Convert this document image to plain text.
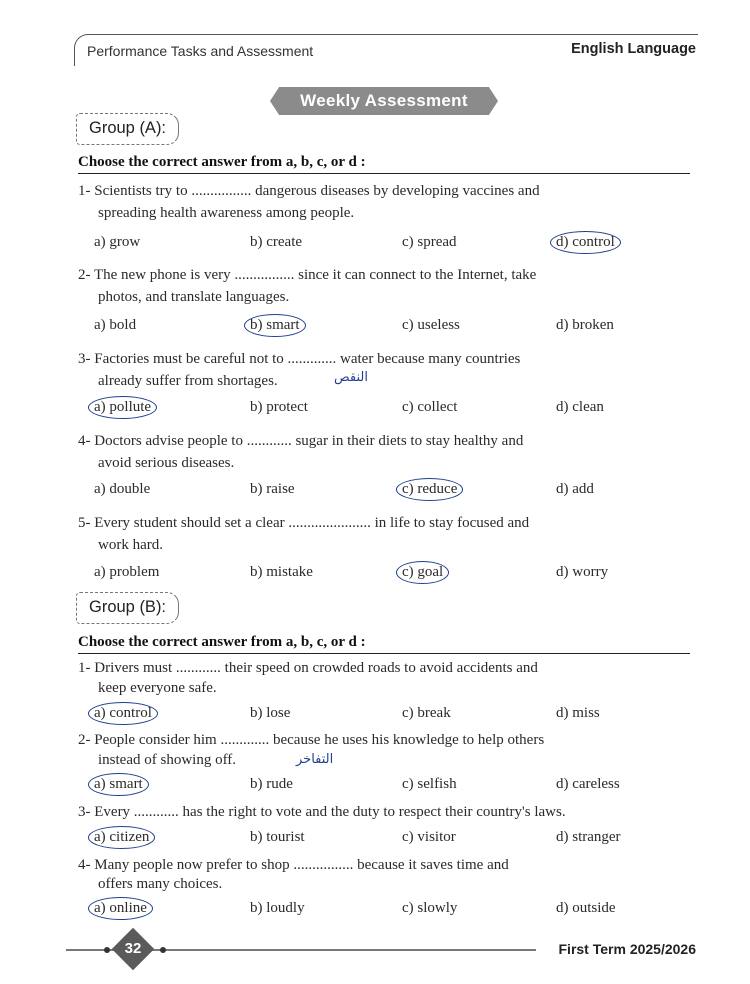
Performance Tasks and Assessment	English Language
Weekly Assessment
Group (A):
Choose the correct answer from a, b, c, or d :
1- Scientists try to ................ dangerous diseases by developing vaccines and
spreading health awareness among people.
a) grow	b) create	c) spread	d) control
2- The new phone is very ................ since it can connect to the Internet, take
photos, and translate languages.
a) bold	b) smart	c) useless	d) broken
3- Factories must be careful not to ............. water because many countries
already suffer from shortages.	النقص
a) pollute	b) protect	c) collect	d) clean
4- Doctors advise people to ............ sugar in their diets to stay healthy and
avoid serious diseases.
a) double	b) raise	c) reduce	d) add
5- Every student should set a clear ...................... in life to stay focused and
work hard.
a) problem	b) mistake	c) goal	d) worry
Group (B):
Choose the correct answer from a, b, c, or d :
1- Drivers must ............ their speed on crowded roads to avoid accidents and
keep everyone safe.
a) control	b) lose	c) break	d) miss
2- People consider him ............. because he uses his knowledge to help others
instead of showing off.	التفاخر
a) smart	b) rude	c) selfish	d) careless
3- Every ............ has the right to vote and the duty to respect their country's laws.
a) citizen	b) tourist	c) visitor	d) stranger
4- Many people now prefer to shop ................ because it saves time and
offers many choices.
a) online	b) loudly	c) slowly	d) outside
32	First Term 2025/2026
